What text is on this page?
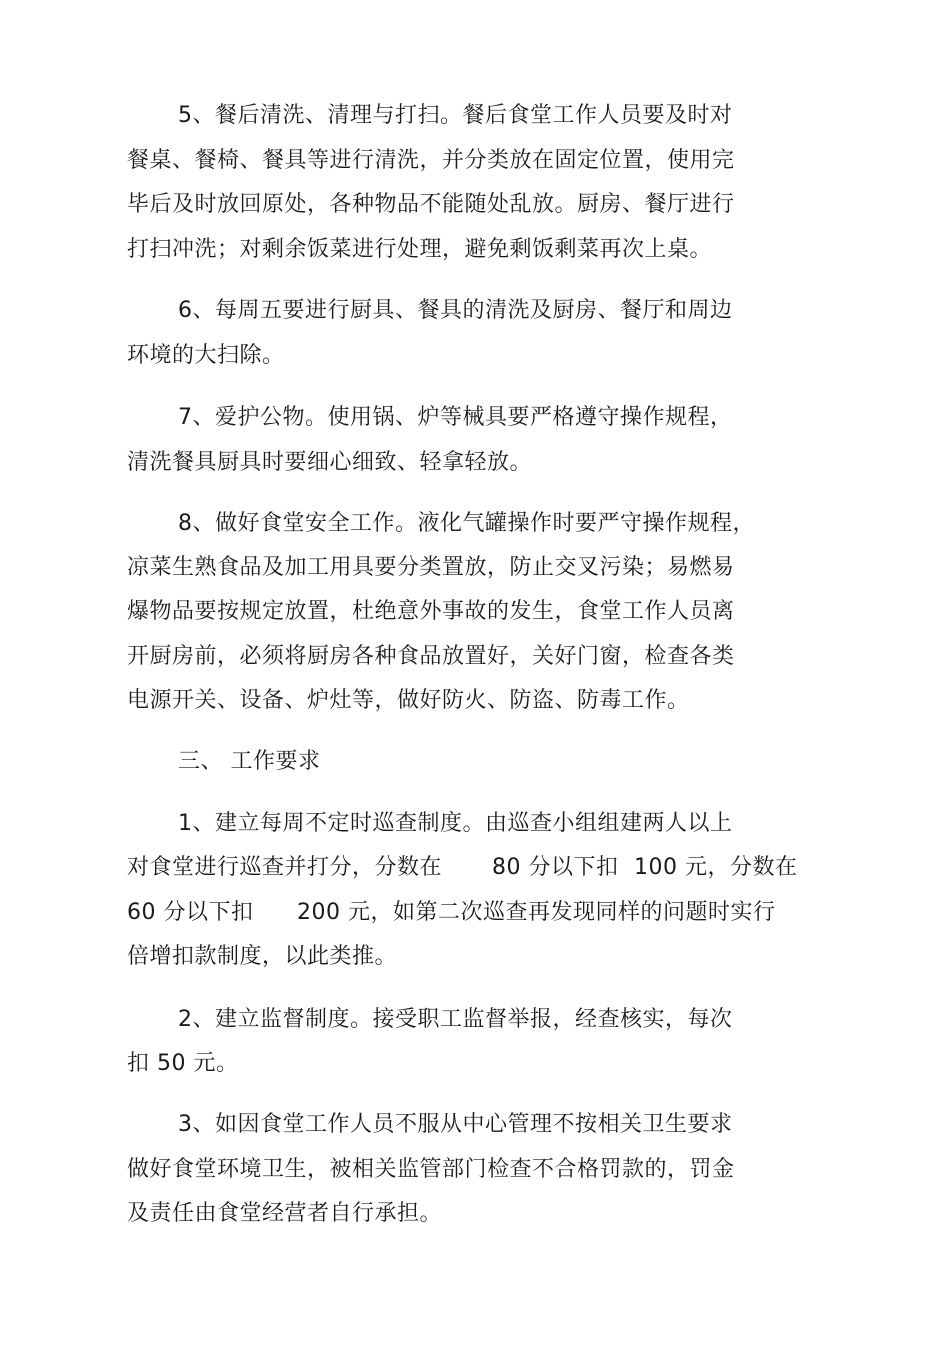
5、餐后清洗、清理与打扫。餐后食堂工作人员要及时对
餐桌、餐椅、餐具等进行清洗，并分类放在固定位置，使用完
毕后及时放回原处，各种物品不能随处乱放。厨房、餐厅进行
打扫冲洗；对剩余饭菜进行处理，避免剩饭剩菜再次上桌。
6、每周五要进行厨具、餐具的清洗及厨房、餐厅和周边
环境的大扫除。
7、爱护公物。使用锅、炉等械具要严格遵守操作规程，
清洗餐具厨具时要细心细致、轻拿轻放。
8、做好食堂安全工作。液化气罐操作时要严守操作规程，
凉菜生熟食品及加工用具要分类置放，防止交叉污染；易燃易
爆物品要按规定放置，杜绝意外事故的发生，食堂工作人员离
开厨房前，必须将厨房各种食品放置好，关好门窗，检查各类
电源开关、设备、炉灶等，做好防火、防盗、防毒工作。
三、 工作要求
1、建立每周不定时巡查制度。由巡查小组组建两人以上

对食堂进行巡查并打分，分数在

80 分以下扣

100 元，分数在

60 分以下扣

200 元，如第二次巡查再发现同样的问题时实行

倍增扣款制度，以此类推。
2、建立监督制度。接受职工监督举报，经查核实，每次
扣 50 元。
3、如因食堂工作人员不服从中心管理不按相关卫生要求
做好食堂环境卫生，被相关监管部门检查不合格罚款的，罚金
及责任由食堂经营者自行承担。
